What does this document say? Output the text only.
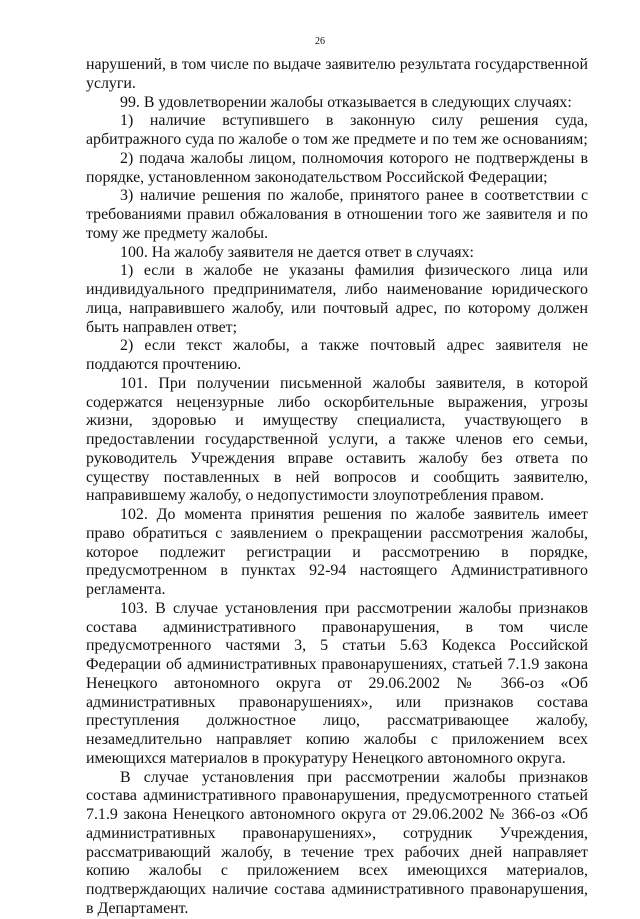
26

нарушений, в том числе по выдаче заявителю результата государственной услуги.

99. В удовлетворении жалобы отказывается в следующих случаях:

1) наличие вступившего в законную силу решения суда, арбитражного суда по жалобе о том же предмете и по тем же основаниям;

2) подача жалобы лицом, полномочия которого не подтверждены в порядке, установленном законодательством Российской Федерации;

3) наличие решения по жалобе, принятого ранее в соответствии с требованиями правил обжалования в отношении того же заявителя и по тому же предмету жалобы.

100. На жалобу заявителя не дается ответ в случаях:

1) если в жалобе не указаны фамилия физического лица или индивидуального предпринимателя, либо наименование юридического лица, направившего жалобу, или почтовый адрес, по которому должен быть направлен ответ;

2) если текст жалобы, а также почтовый адрес заявителя не поддаются прочтению.

101. При получении письменной жалобы заявителя, в которой содержатся нецензурные либо оскорбительные выражения, угрозы жизни, здоровью и имуществу специалиста, участвующего в предоставлении государственной услуги, а также членов его семьи, руководитель Учреждения вправе оставить жалобу без ответа по существу поставленных в ней вопросов и сообщить заявителю, направившему жалобу, о недопустимости злоупотребления правом.

102. До момента принятия решения по жалобе заявитель имеет право обратиться с заявлением о прекращении рассмотрения жалобы, которое подлежит регистрации и рассмотрению в порядке, предусмотренном в пунктах 92-94 настоящего Административного регламента.

103. В случае установления при рассмотрении жалобы признаков состава административного правонарушения, в том числе предусмотренного частями 3, 5 статьи 5.63 Кодекса Российской Федерации об административных правонарушениях, статьей 7.1.9 закона Ненецкого автономного округа от 29.06.2002 № 366-оз «Об административных правонарушениях», или признаков состава преступления должностное лицо, рассматривающее жалобу, незамедлительно направляет копию жалобы с приложением всех имеющихся материалов в прокуратуру Ненецкого автономного округа.

В случае установления при рассмотрении жалобы признаков состава административного правонарушения, предусмотренного статьей 7.1.9 закона Ненецкого автономного округа от 29.06.2002 № 366-оз «Об административных правонарушениях», сотрудник Учреждения, рассматривающий жалобу, в течение трех рабочих дней направляет копию жалобы с приложением всех имеющихся материалов, подтверждающих наличие состава административного правонарушения, в Департамент.
